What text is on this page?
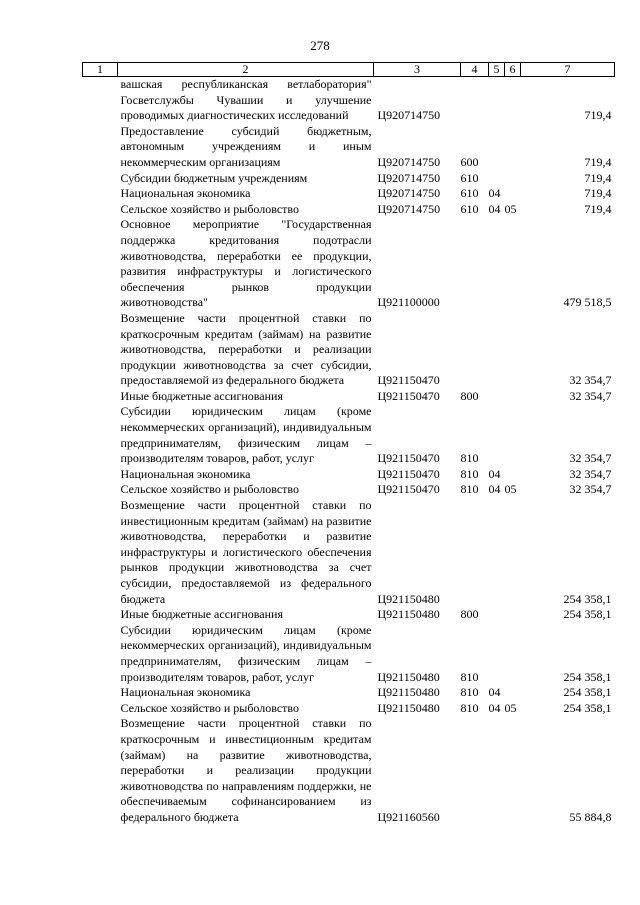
278
1	2	3	4	5	6	7
	вашская республиканская ветлаборатория" Госветслужбы Чувашии и улучшение проводимых диагностических исследований	Ц920714750				719,4
	Предоставление субсидий бюджетным, автономным учреждениям и иным некоммерческим организациям	Ц920714750	600			719,4
	Субсидии бюджетным учреждениям	Ц920714750	610			719,4
	Национальная экономика	Ц920714750	610	04		719,4
	Сельское хозяйство и рыболовство	Ц920714750	610	04	05	719,4
	Основное мероприятие "Государственная поддержка кредитования подотрасли животноводства, переработки ее продукции, развития инфраструктуры и логистического обеспечения рынков продукции животноводства"	Ц921100000				479 518,5
	Возмещение части процентной ставки по краткосрочным кредитам (займам) на развитие животноводства, переработки и реализации продукции животноводства за счет субсидии, предоставляемой из федерального бюджета	Ц921150470				32 354,7
	Иные бюджетные ассигнования	Ц921150470	800			32 354,7
	Субсидии юридическим лицам (кроме некоммерческих организаций), индивидуальным предпринимателям, физическим лицам – производителям товаров, работ, услуг	Ц921150470	810			32 354,7
	Национальная экономика	Ц921150470	810	04		32 354,7
	Сельское хозяйство и рыболовство	Ц921150470	810	04	05	32 354,7
	Возмещение части процентной ставки по инвестиционным кредитам (займам) на развитие животноводства, переработки и развитие инфраструктуры и логистического обеспечения рынков продукции животноводства за счет субсидии, предоставляемой из федерального бюджета	Ц921150480				254 358,1
	Иные бюджетные ассигнования	Ц921150480	800			254 358,1
	Субсидии юридическим лицам (кроме некоммерческих организаций), индивидуальным предпринимателям, физическим лицам – производителям товаров, работ, услуг	Ц921150480	810			254 358,1
	Национальная экономика	Ц921150480	810	04		254 358,1
	Сельское хозяйство и рыболовство	Ц921150480	810	04	05	254 358,1
	Возмещение части процентной ставки по краткосрочным и инвестиционным кредитам (займам) на развитие животноводства, переработки и реализации продукции животноводства по направлениям поддержки, не обеспечиваемым софинансированием из федерального бюджета	Ц921160560				55 884,8
